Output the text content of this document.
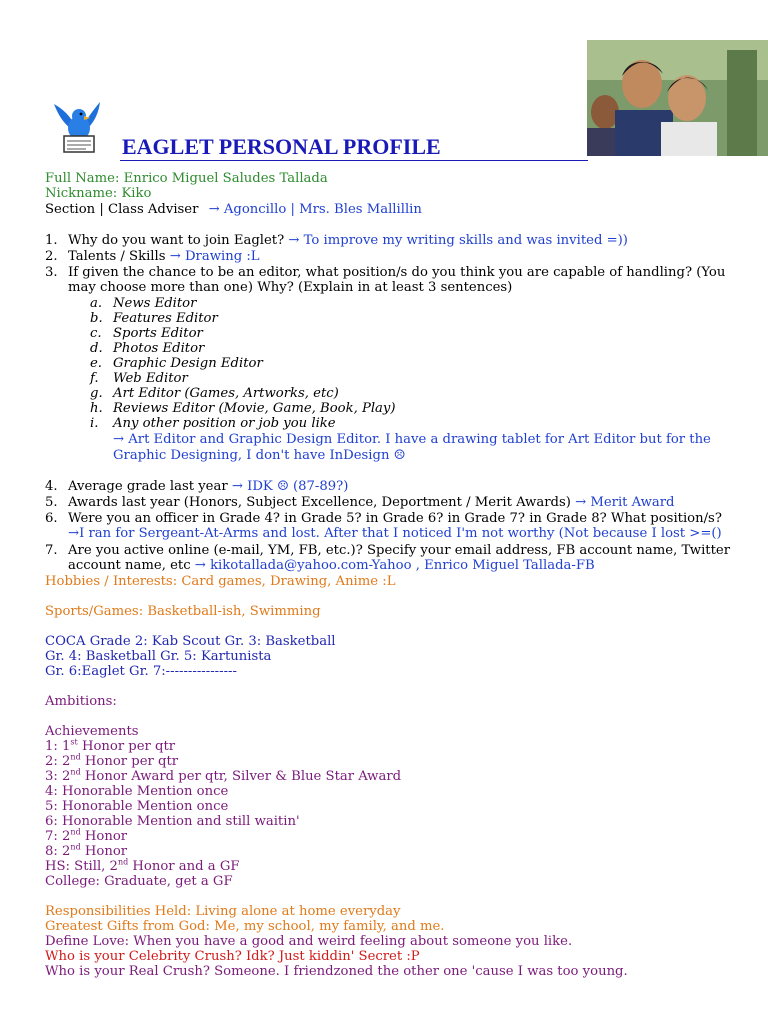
EAGLET PERSONAL PROFILE
Full Name: Enrico Miguel Saludes Tallada
Nickname: Kiko
Section | Class Adviser → Agoncillo | Mrs. Bles Mallillin
1. Why do you want to join Eaglet? → To improve my writing skills and was invited =))
2. Talents / Skills → Drawing :L
3. If given the chance to be an editor, what position/s do you think you are capable of handling? (You
may choose more than one) Why? (Explain in at least 3 sentences)
a. News Editor
b. Features Editor
c. Sports Editor
d. Photos Editor
e. Graphic Design Editor
f. Web Editor
g. Art Editor (Games, Artworks, etc)
h. Reviews Editor (Movie, Game, Book, Play)
i. Any other position or job you like
→ Art Editor and Graphic Design Editor. I have a drawing tablet for Art Editor but for the
Graphic Designing, I don't have InDesign ☹
4. Average grade last year → IDK ☹ (87-89?)
5. Awards last year (Honors, Subject Excellence, Deportment / Merit Awards) → Merit Award
6. Were you an officer in Grade 4? in Grade 5? in Grade 6? in Grade 7? in Grade 8? What position/s?
→I ran for Sergeant-At-Arms and lost. After that I noticed I'm not worthy (Not because I lost >=()
7. Are you active online (e-mail, YM, FB, etc.)? Specify your email address, FB account name, Twitter
account name, etc → kikotallada@yahoo.com-Yahoo , Enrico Miguel Tallada-FB
Hobbies / Interests: Card games, Drawing, Anime :L
Sports/Games: Basketball-ish, Swimming
COCA Grade 2: Kab Scout Gr. 3: Basketball
Gr. 4: Basketball Gr. 5: Kartunista
Gr. 6:Eaglet Gr. 7:----------------
Ambitions:
Achievements
1: 1st Honor per qtr
2: 2nd Honor per qtr
3: 2nd Honor Award per qtr, Silver & Blue Star Award
4: Honorable Mention once
5: Honorable Mention once
6: Honorable Mention and still waitin'
7: 2nd Honor
8: 2nd Honor
HS: Still, 2nd Honor and a GF
College: Graduate, get a GF
Responsibilities Held: Living alone at home everyday
Greatest Gifts from God: Me, my school, my family, and me.
Define Love: When you have a good and weird feeling about someone you like.
Who is your Celebrity Crush? Idk? Just kiddin' Secret :P
Who is your Real Crush? Someone. I friendzoned the other one 'cause I was too young.
